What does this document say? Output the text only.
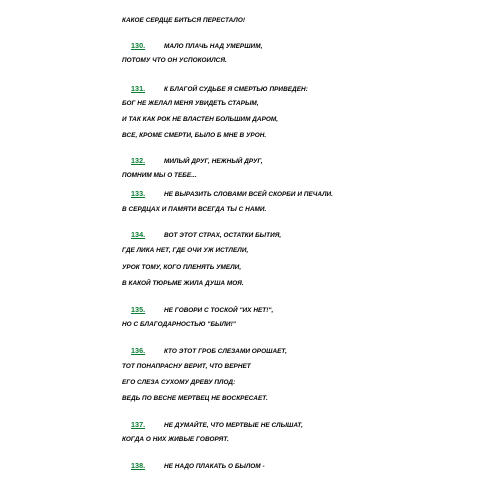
КАКОЕ СЕРДЦЕ БИТЬСЯ ПЕРЕСТАЛО!
130.	МАЛО ПЛАЧЬ НАД УМЕРШИМ,
ПОТОМУ ЧТО ОН УСПОКОИЛСЯ.
131.	К БЛАГОЙ СУДЬБЕ Я СМЕРТЬЮ ПРИВЕДЕН:
БОГ НЕ ЖЕЛАЛ МЕНЯ УВИДЕТЬ СТАРЫМ,
И ТАК КАК РОК НЕ ВЛАСТЕН БОЛЬШИМ ДАРОМ,
ВСЕ, КРОМЕ СМЕРТИ, БЫЛО Б МНЕ В УРОН.
132.	МИЛЫЙ ДРУГ, НЕЖНЫЙ ДРУГ,
ПОМНИМ МЫ О ТЕБЕ...
133.	НЕ ВЫРАЗИТЬ СЛОВАМИ ВСЕЙ СКОРБИ И ПЕЧАЛИ.
В СЕРДЦАХ И ПАМЯТИ ВСЕГДА ТЫ С НАМИ.
134.	ВОТ ЭТОТ СТРАХ, ОСТАТКИ БЫТИЯ,
ГДЕ ЛИКА НЕТ, ГДЕ ОЧИ УЖ ИСТЛЕЛИ,
УРОК ТОМУ, КОГО ПЛЕНЯТЬ УМЕЛИ,
В КАКОЙ ТЮРЬМЕ ЖИЛА ДУША МОЯ.
135.	НЕ ГОВОРИ С ТОСКОЙ "ИХ НЕТ!",
НО С БЛАГОДАРНОСТЬЮ "БЫЛИ!"
136.	КТО ЭТОТ ГРОБ СЛЕЗАМИ ОРОШАЕТ,
ТОТ ПОНАПРАСНУ ВЕРИТ, ЧТО ВЕРНЕТ
ЕГО СЛЕЗА СУХОМУ ДРЕВУ ПЛОД:
ВЕДЬ ПО ВЕСНЕ МЕРТВЕЦ НЕ ВОСКРЕСАЕТ.
137.	НЕ ДУМАЙТЕ, ЧТО МЕРТВЫЕ НЕ СЛЫШАТ,
КОГДА О НИХ ЖИВЫЕ ГОВОРЯТ.
138.	НЕ НАДО ПЛАКАТЬ О БЫЛОМ -
